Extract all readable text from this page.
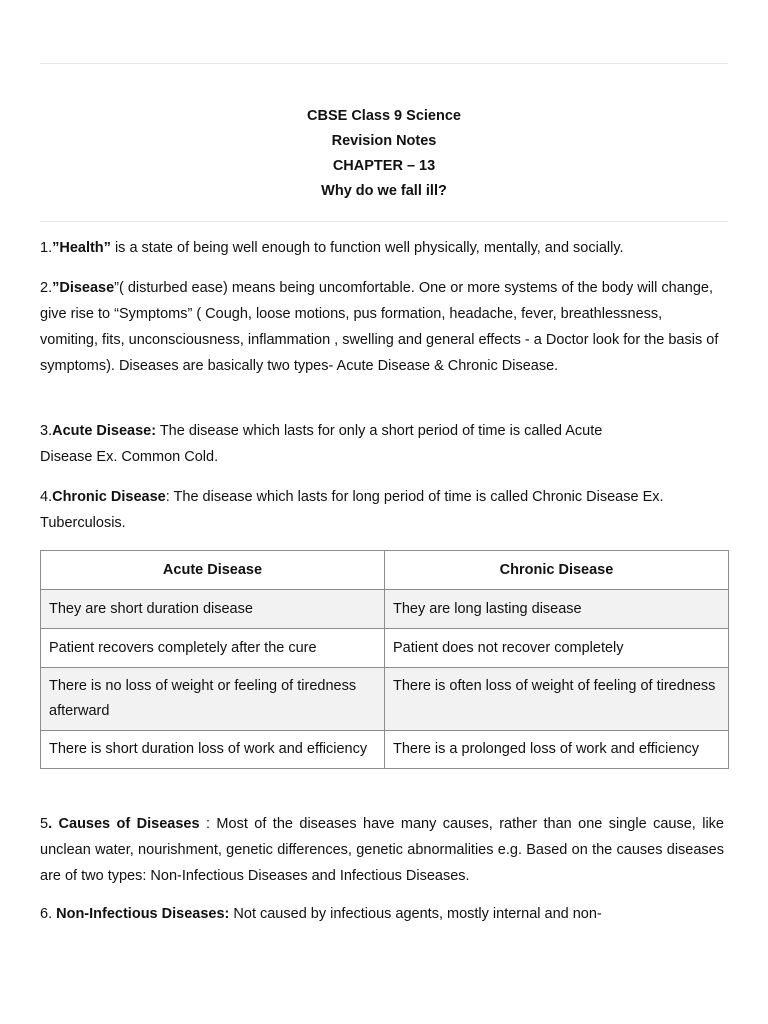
CBSE Class 9 Science
Revision Notes
CHAPTER – 13
Why do we fall ill?

1.”Health” is a state of being well enough to function well physically, mentally, and socially.

2.”Disease”( disturbed ease) means being uncomfortable. One or more systems of the body will change, give rise to “Symptoms” ( Cough, loose motions, pus formation, headache, fever, breathlessness, vomiting, fits, unconsciousness, inflammation , swelling and general effects - a Doctor look for the basis of symptoms). Diseases are basically two types- Acute Disease & Chronic Disease.

3.Acute Disease: The disease which lasts for only a short period of time is called Acute
Disease Ex. Common Cold.

4.Chronic Disease: The disease which lasts for long period of time is called Chronic Disease Ex. Tuberculosis.

Acute Disease	Chronic Disease
They are short duration disease	They are long lasting disease
Patient recovers completely after the cure	Patient does not recover completely
There is no loss of weight or feeling of tiredness afterward	There is often loss of weight of feeling of tiredness
There is short duration loss of work and efficiency	There is a prolonged loss of work and efficiency

5. Causes of Diseases : Most of the diseases have many causes, rather than one single cause, like unclean water, nourishment, genetic differences, genetic abnormalities e.g. Based on the causes diseases are of two types: Non-Infectious Diseases and Infectious Diseases.

6. Non-Infectious Diseases: Not caused by infectious agents, mostly internal and non-
